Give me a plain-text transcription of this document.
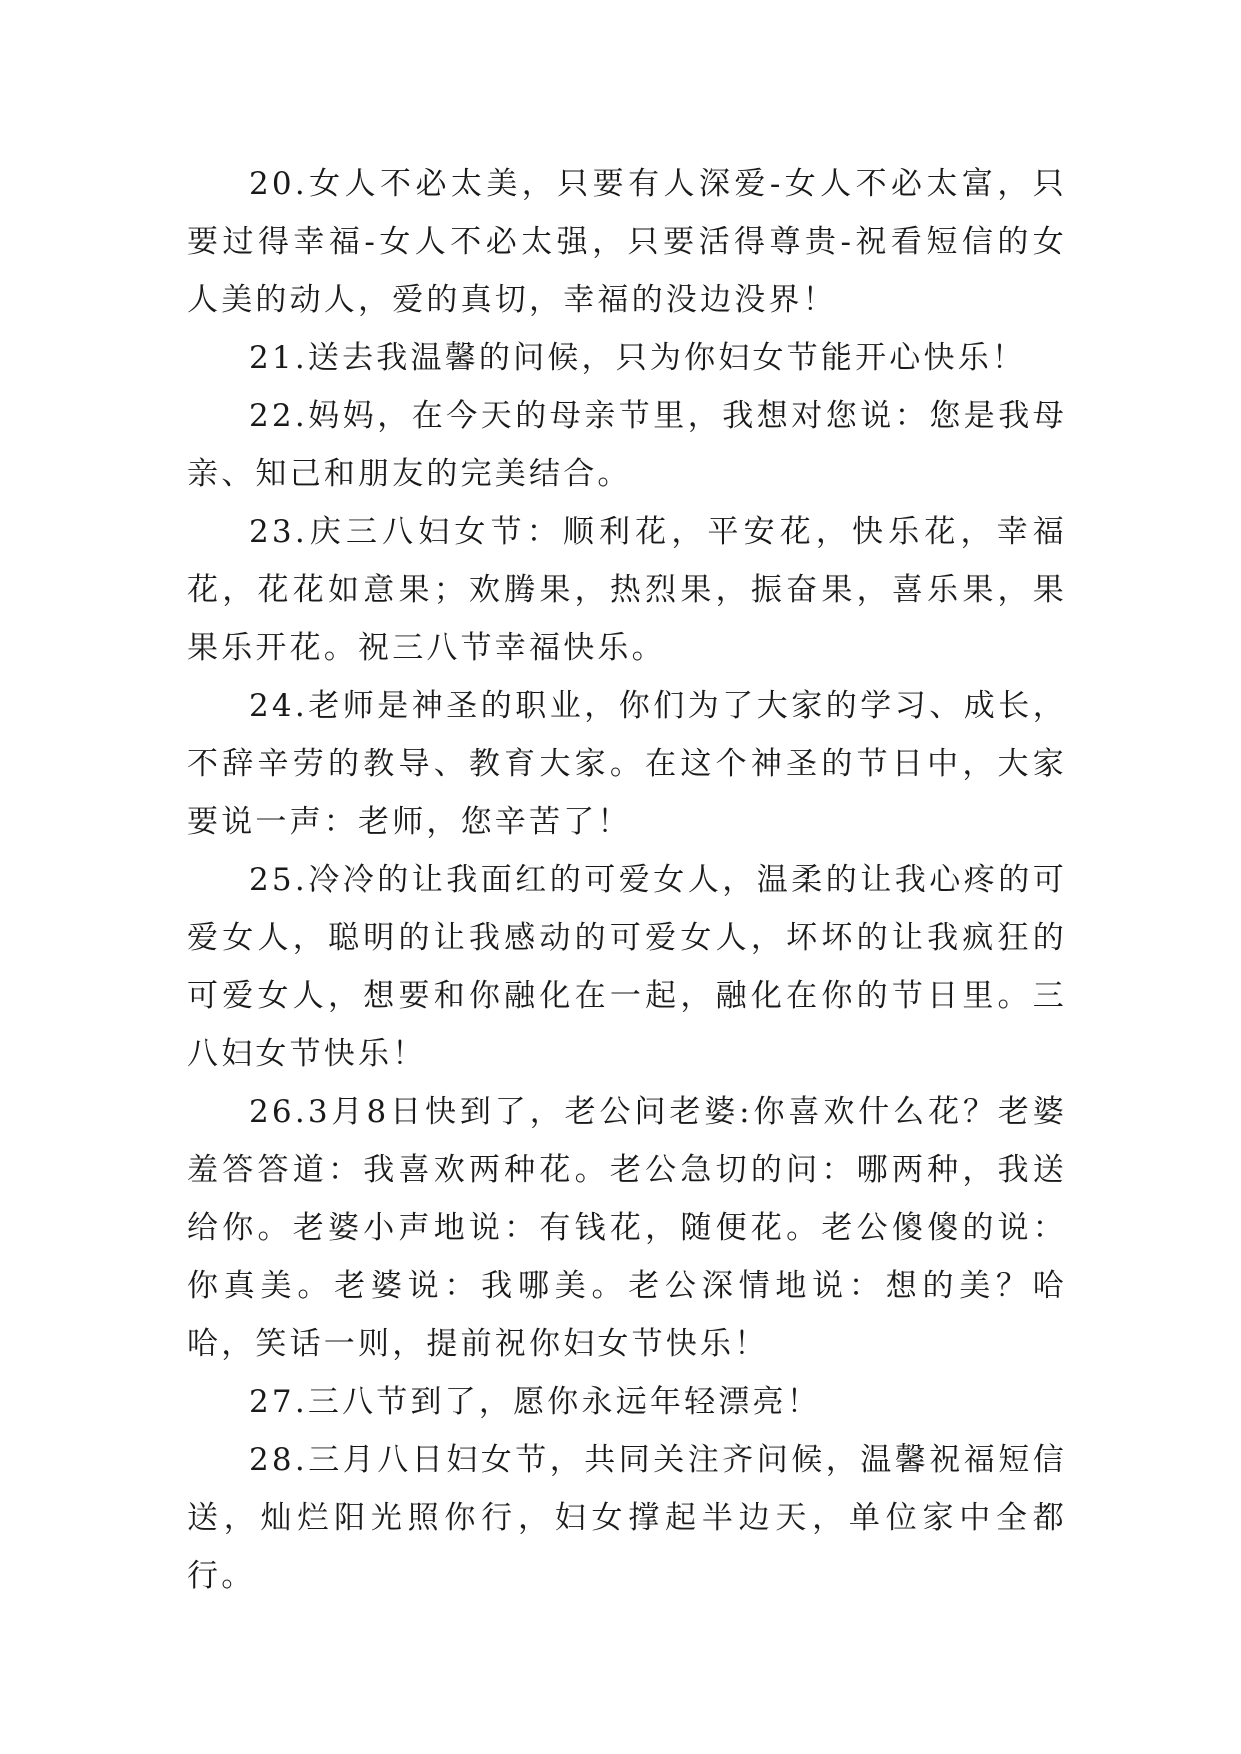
20.女人不必太美，只要有人深爱-女人不必太富，只要过得幸福-女人不必太强，只要活得尊贵-祝看短信的女人美的动人，爱的真切，幸福的没边没界！

21.送去我温馨的问候，只为你妇女节能开心快乐！

22.妈妈，在今天的母亲节里，我想对您说：您是我母亲、知己和朋友的完美结合。

23.庆三八妇女节：顺利花，平安花，快乐花，幸福花，花花如意果；欢腾果，热烈果，振奋果，喜乐果，果果乐开花。祝三八节幸福快乐。

24.老师是神圣的职业，你们为了大家的学习、成长，不辞辛劳的教导、教育大家。在这个神圣的节日中，大家要说一声：老师，您辛苦了！

25.冷冷的让我面红的可爱女人，温柔的让我心疼的可爱女人，聪明的让我感动的可爱女人，坏坏的让我疯狂的可爱女人，想要和你融化在一起，融化在你的节日里。三八妇女节快乐！

26.3月8日快到了，老公问老婆:你喜欢什么花？老婆羞答答道：我喜欢两种花。老公急切的问：哪两种，我送给你。老婆小声地说：有钱花，随便花。老公傻傻的说：你真美。老婆说：我哪美。老公深情地说：想的美？哈哈，笑话一则，提前祝你妇女节快乐！

27.三八节到了，愿你永远年轻漂亮！

28.三月八日妇女节，共同关注齐问候，温馨祝福短信送，灿烂阳光照你行，妇女撑起半边天，单位家中全都行。
